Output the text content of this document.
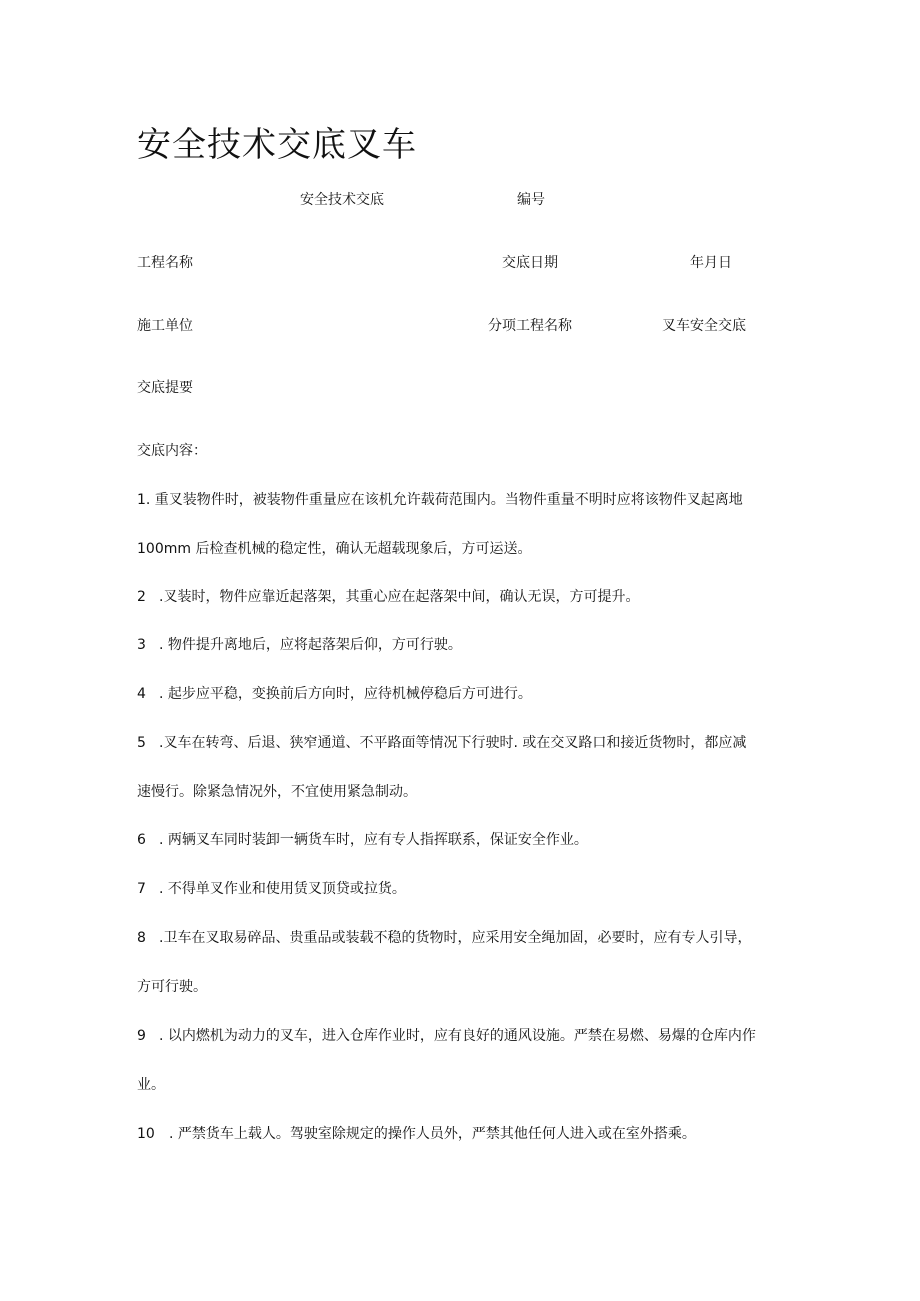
安全技术交底叉车
安全技术交底	编号
工程名称	交底日期	年月日
施工单位	分项工程名称	叉车安全交底
交底提要
交底内容：
1. 重叉装物件时，被装物件重量应在该机允许载荷范围内。当物件重量不明时应将该物件叉起离地
100mm 后检查机械的稳定性，确认无超载现象后，方可运送。
2 .叉装时，物件应靠近起落架，其重心应在起落架中间，确认无误，方可提升。
3 . 物件提升离地后，应将起落架后仰，方可行驶。
4 . 起步应平稳，变换前后方向时，应待机械停稳后方可进行。
5 .叉车在转弯、后退、狭窄通道、不平路面等情况下行驶时. 或在交叉路口和接近货物时，都应减
速慢行。除紧急情况外，不宜使用紧急制动。
6 . 两辆叉车同时装卸一辆货车时，应有专人指挥联系，保证安全作业。
7 . 不得单叉作业和使用赁叉顶贷或拉货。
8 .卫车在叉取易碎品、贵重品或装载不稳的货物时，应采用安全绳加固，必要时，应有专人引导，
方可行驶。
9 . 以内燃机为动力的叉车，进入仓库作业时，应有良好的通风设施。严禁在易燃、易爆的仓库内作
业。
10 . 严禁货车上载人。驾驶室除规定的操作人员外，严禁其他任何人进入或在室外搭乘。
